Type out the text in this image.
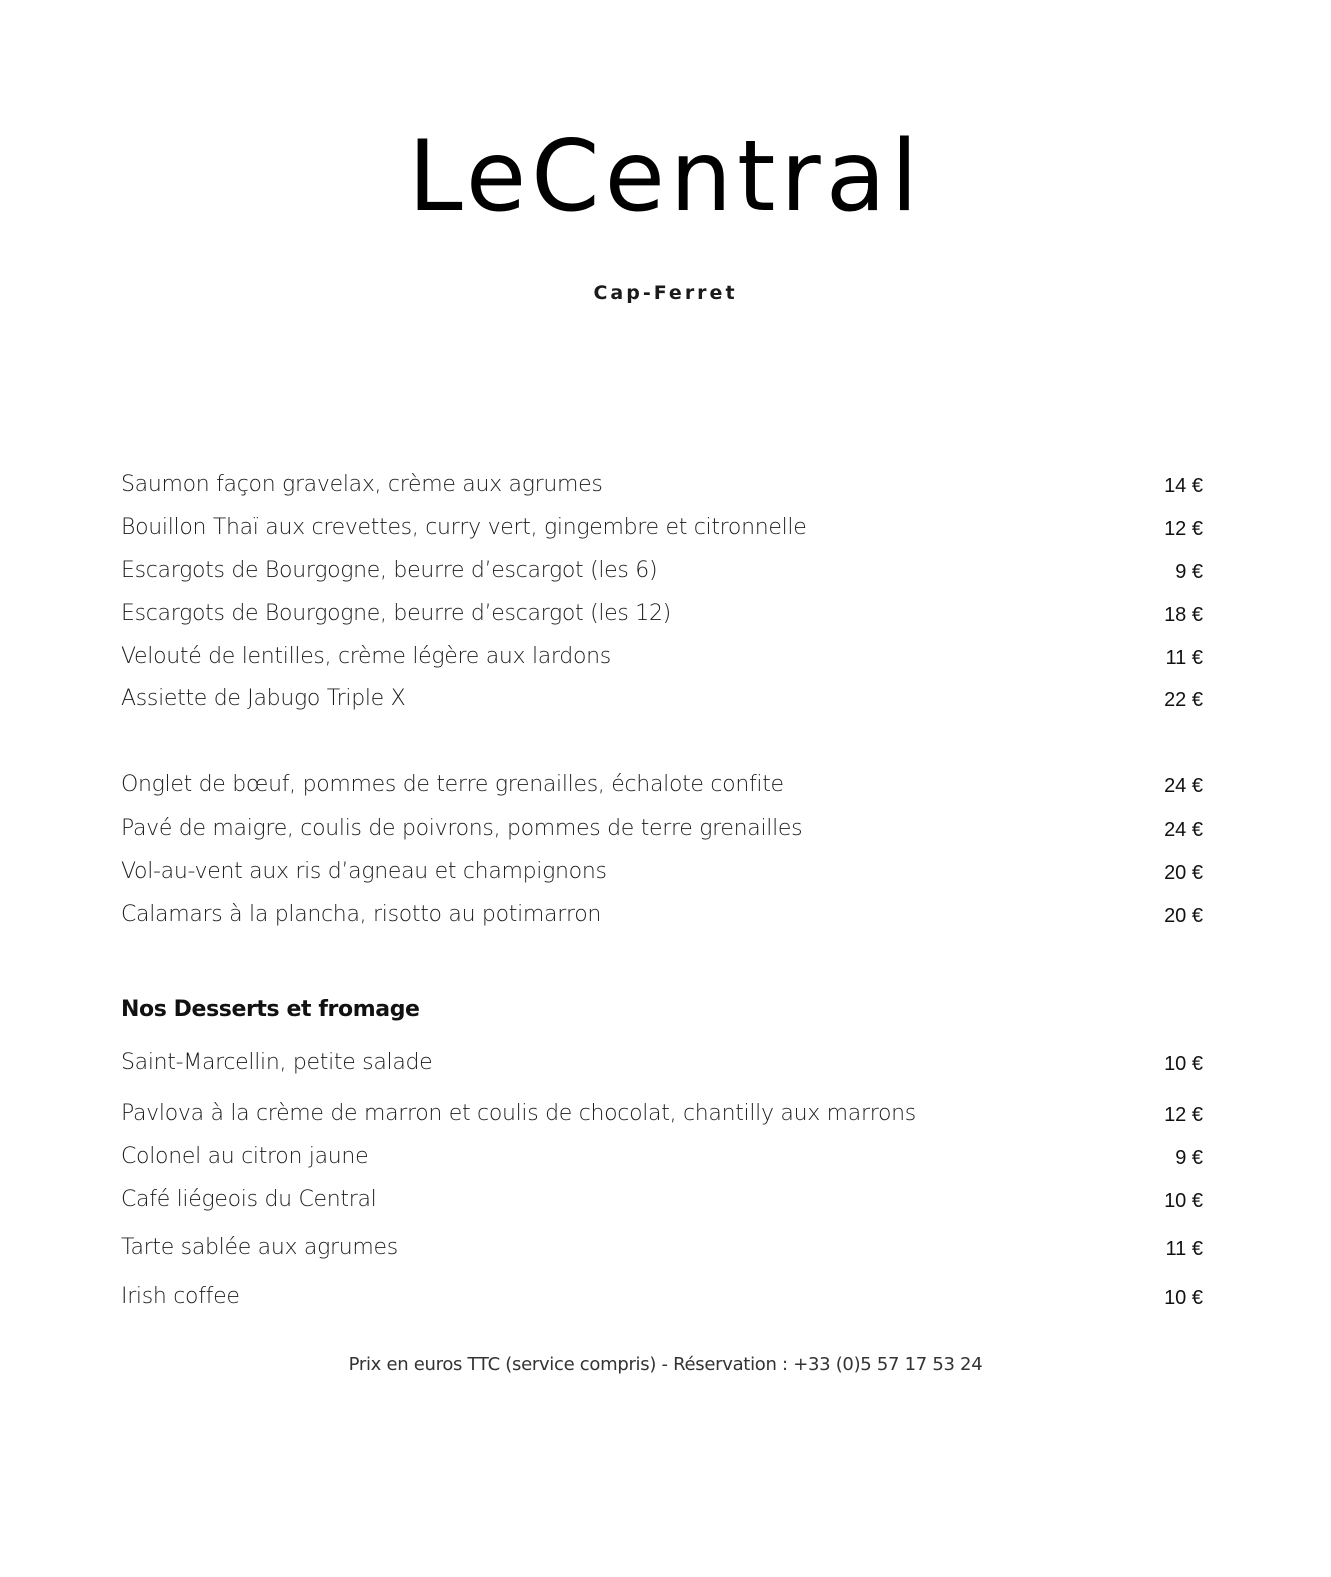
LeCentral
Cap-Ferret
Saumon façon gravelax, crème aux agrumes	14 €
Bouillon Thaï aux crevettes, curry vert, gingembre et citronnelle	12 €
Escargots de Bourgogne, beurre d’escargot (les 6)	9 €
Escargots de Bourgogne, beurre d’escargot (les 12)	18 €
Velouté de lentilles, crème légère aux lardons	11 €
Assiette de Jabugo Triple X	22 €
Onglet de bœuf, pommes de terre grenailles, échalote confite	24 €
Pavé de maigre, coulis de poivrons, pommes de terre grenailles	24 €
Vol-au-vent aux ris d’agneau et champignons	20 €
Calamars à la plancha, risotto au potimarron	20 €
Nos Desserts et fromage
Saint-Marcellin, petite salade	10 €
Pavlova à la crème de marron et coulis de chocolat, chantilly aux marrons	12 €
Colonel au citron jaune	9 €
Café liégeois du Central	10 €
Tarte sablée aux agrumes	11 €
Irish coffee	10 €
Prix en euros TTC (service compris) - Réservation : +33 (0)5 57 17 53 24
